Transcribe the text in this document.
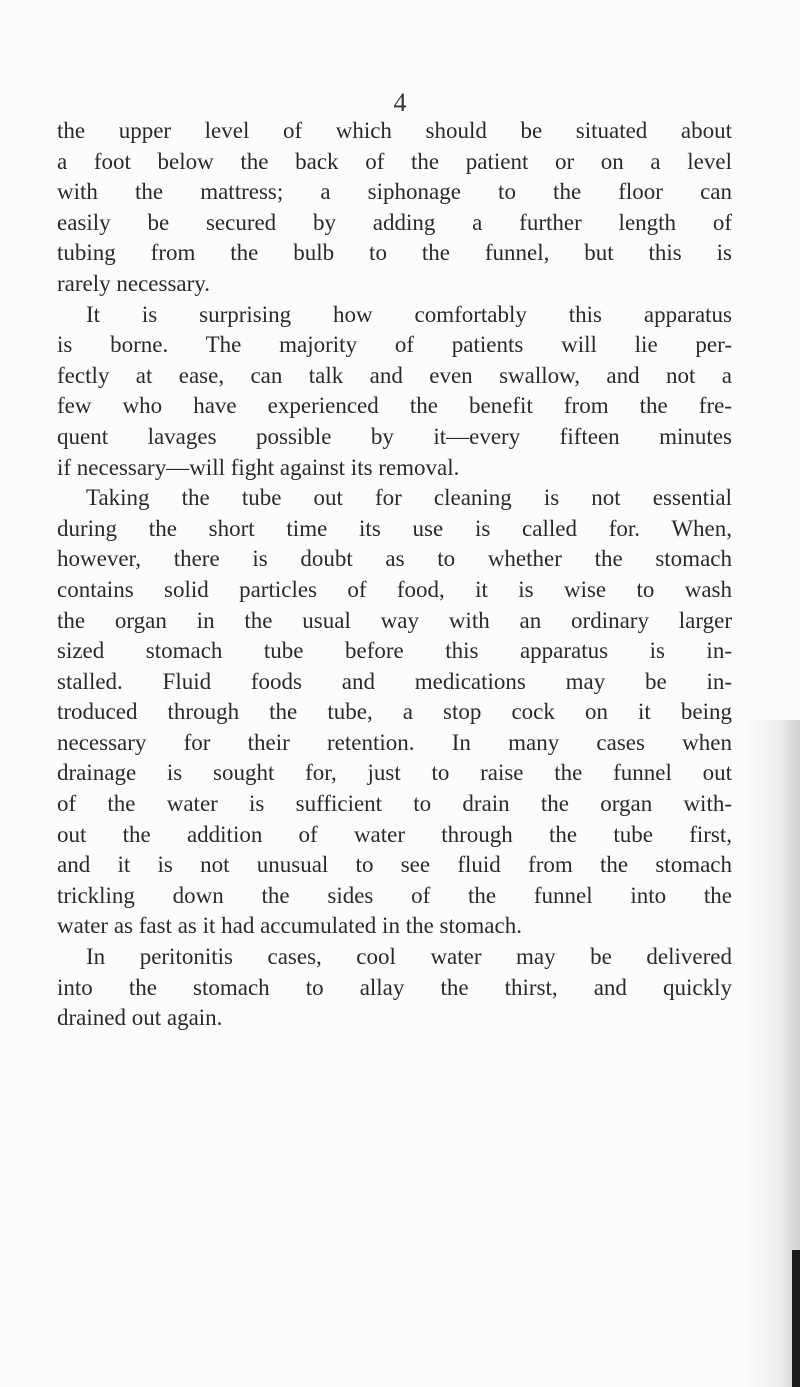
4
the upper level of which should be situated about
a foot below the back of the patient or on a level
with the mattress; a siphonage to the floor can
easily be secured by adding a further length of
tubing from the bulb to the funnel, but this is
rarely necessary.
It is surprising how comfortably this apparatus
is borne. The majority of patients will lie per-
fectly at ease, can talk and even swallow, and not a
few who have experienced the benefit from the fre-
quent lavages possible by it—every fifteen minutes
if necessary—will fight against its removal.
Taking the tube out for cleaning is not essential
during the short time its use is called for. When,
however, there is doubt as to whether the stomach
contains solid particles of food, it is wise to wash
the organ in the usual way with an ordinary larger
sized stomach tube before this apparatus is in-
stalled. Fluid foods and medications may be in-
troduced through the tube, a stop cock on it being
necessary for their retention. In many cases when
drainage is sought for, just to raise the funnel out
of the water is sufficient to drain the organ with-
out the addition of water through the tube first,
and it is not unusual to see fluid from the stomach
trickling down the sides of the funnel into the
water as fast as it had accumulated in the stomach.
In peritonitis cases, cool water may be delivered
into the stomach to allay the thirst, and quickly
drained out again.
